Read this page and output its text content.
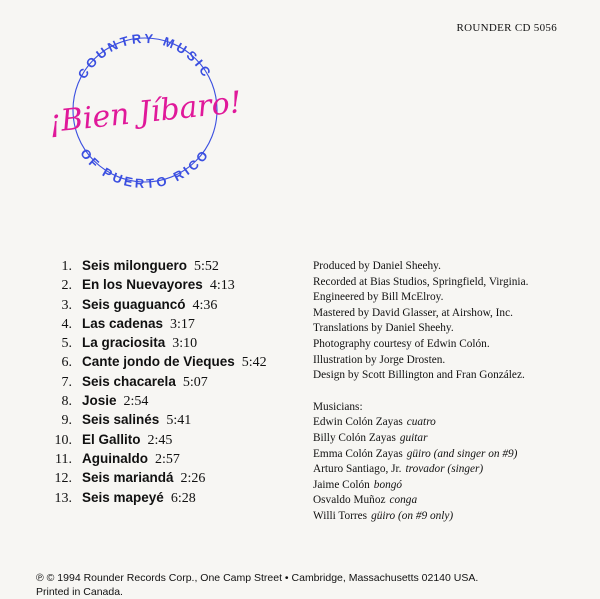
ROUNDER CD 5056
COUNTRY MUSIC
OF PUERTO RICO
¡Bien Jíbaro!
1. Seis milonguero 5:52
2. En los Nuevayores 4:13
3. Seis guaguancó 4:36
4. Las cadenas 3:17
5. La graciosita 3:10
6. Cante jondo de Vieques 5:42
7. Seis chacarela 5:07
8. Josie 2:54
9. Seis salinés 5:41
10. El Gallito 2:45
11. Aguinaldo 2:57
12. Seis mariandá 2:26
13. Seis mapeyé 6:28
Produced by Daniel Sheehy.
Recorded at Bias Studios, Springfield, Virginia.
Engineered by Bill McElroy.
Mastered by David Glasser, at Airshow, Inc.
Translations by Daniel Sheehy.
Photography courtesy of Edwin Colón.
Illustration by Jorge Drosten.
Design by Scott Billington and Fran González.
Musicians:
Edwin Colón Zayas cuatro
Billy Colón Zayas guitar
Emma Colón Zayas güiro (and singer on #9)
Arturo Santiago, Jr. trovador (singer)
Jaime Colón bongó
Osvaldo Muñoz conga
Willi Torres güiro (on #9 only)
℗ © 1994 Rounder Records Corp., One Camp Street • Cambridge, Massachusetts 02140 USA.
Printed in Canada.
